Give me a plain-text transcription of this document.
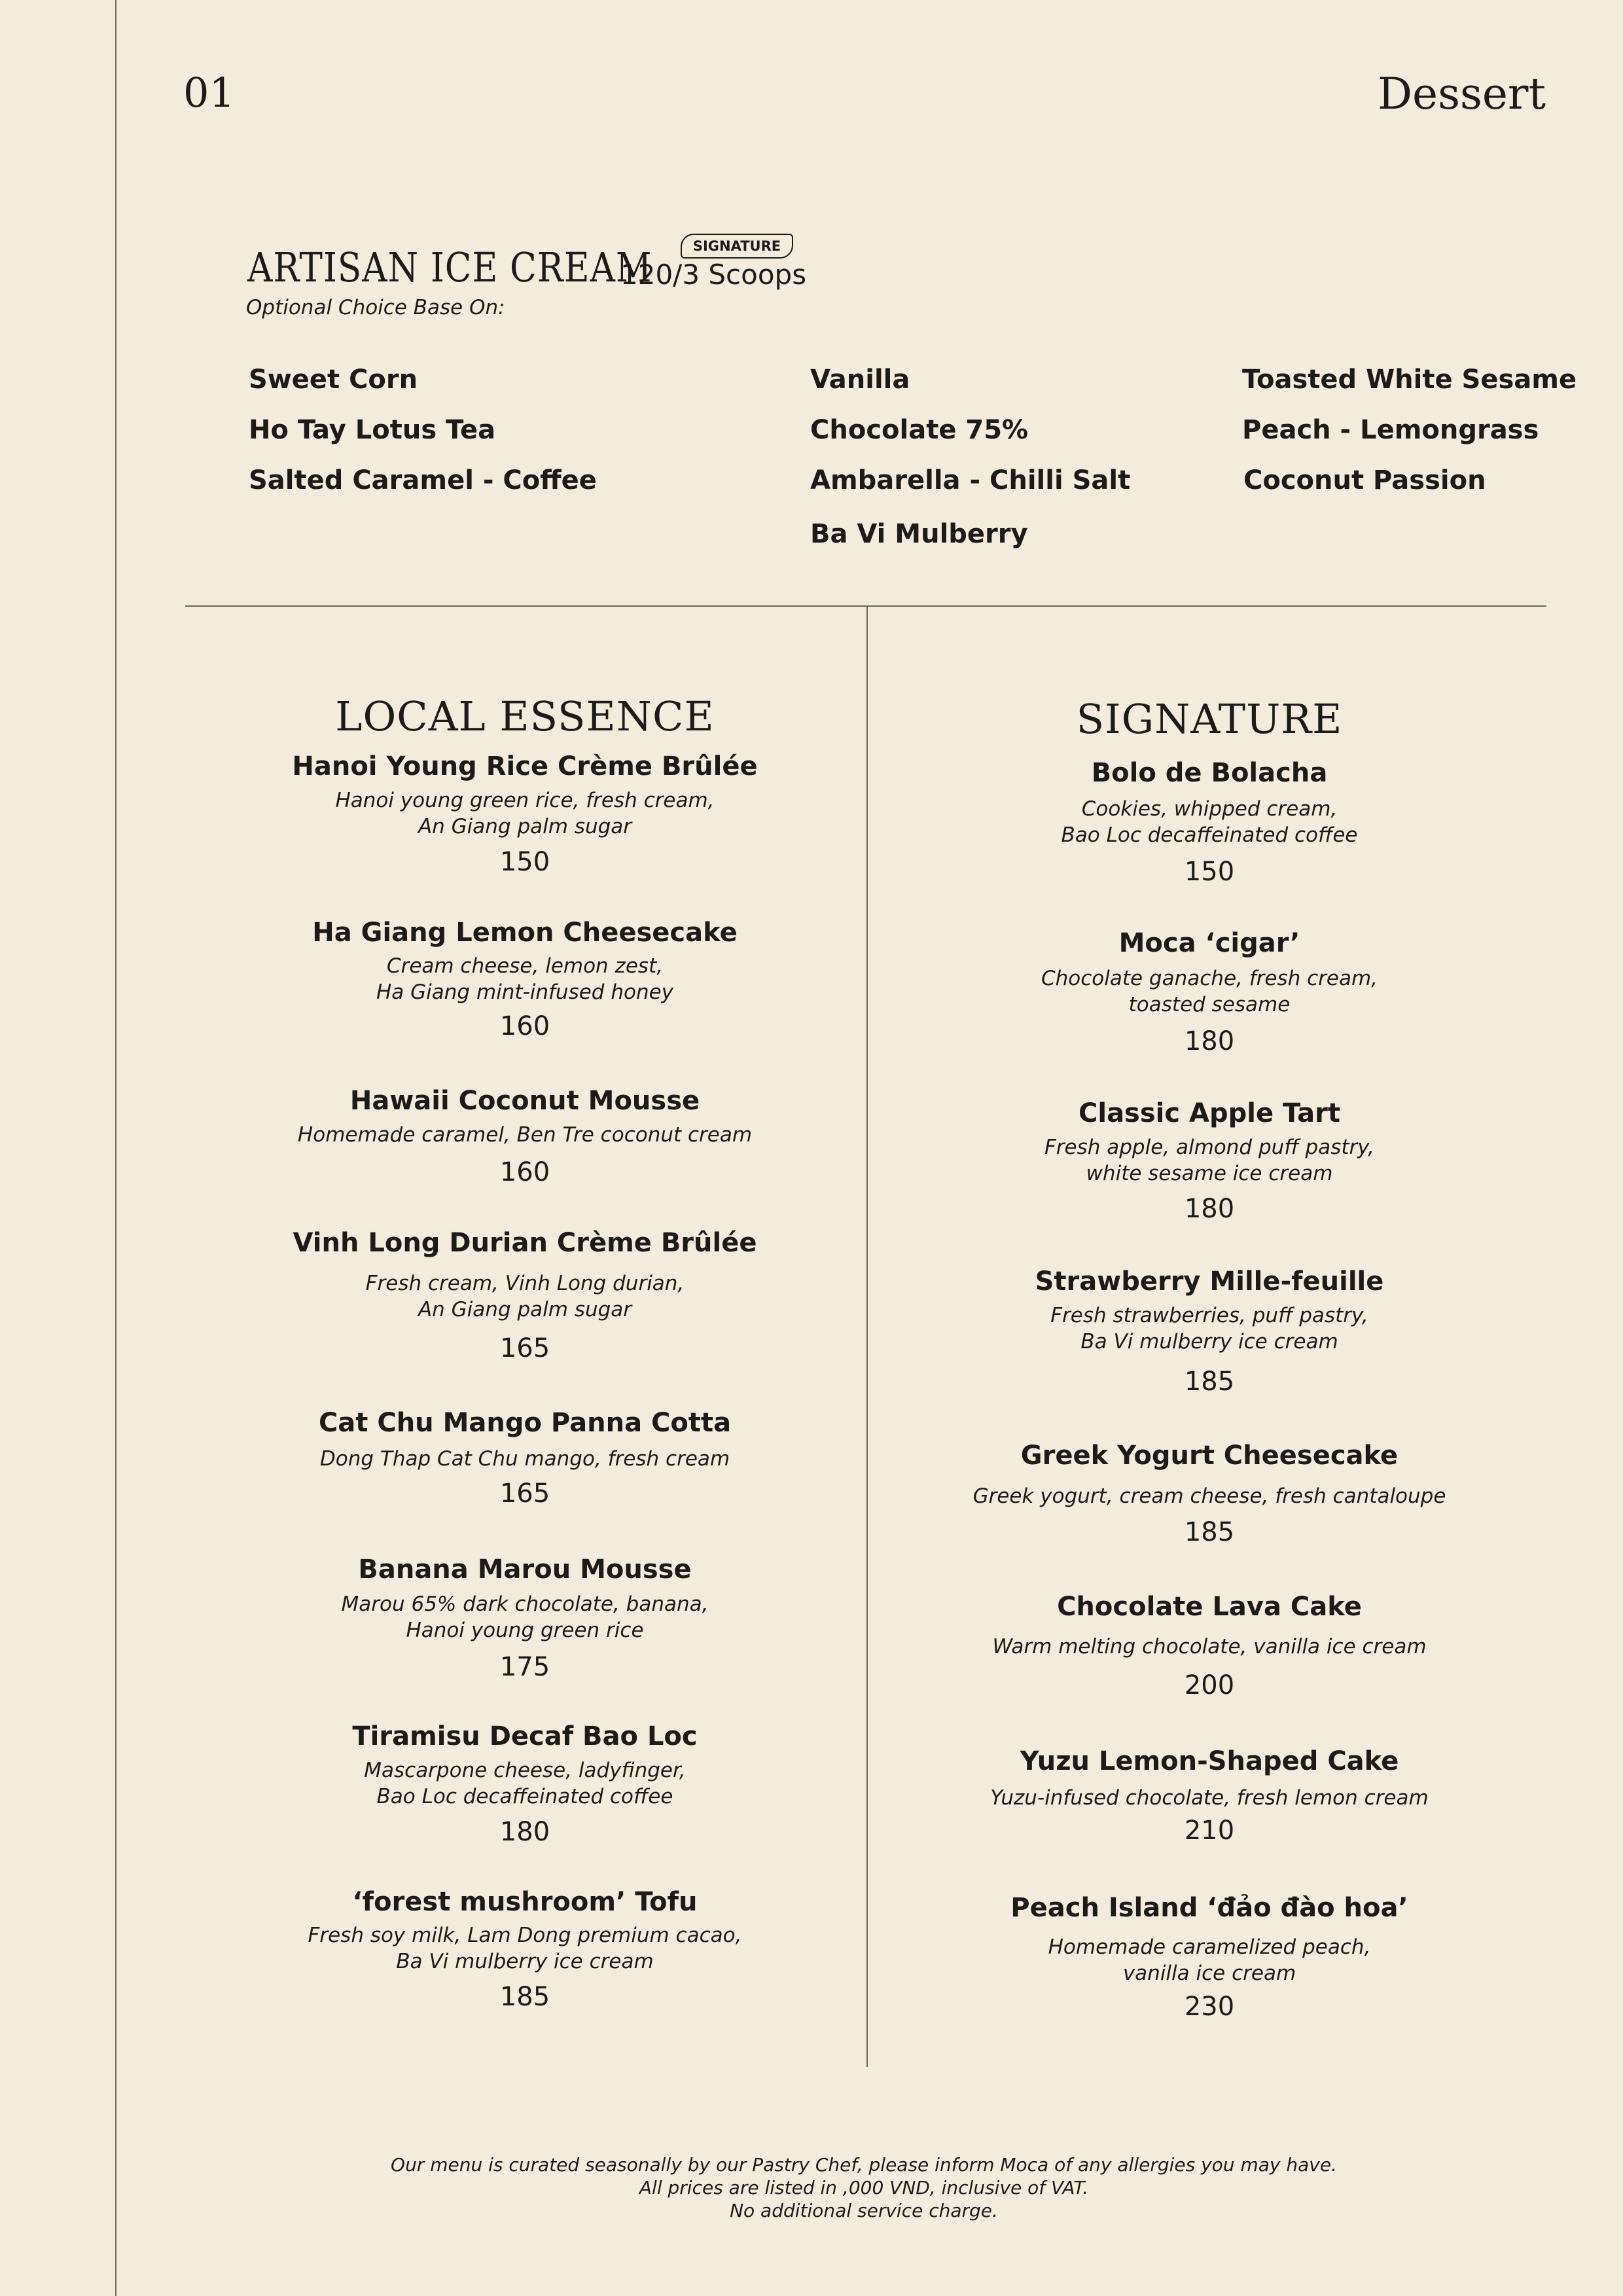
01	Dessert
ARTISAN ICE CREAM	SIGNATURE
120/3 Scoops
Optional Choice Base On:
Sweet Corn
Ho Tay Lotus Tea
Salted Caramel - Coffee
Vanilla
Chocolate 75%
Ambarella - Chilli Salt
Ba Vi Mulberry
Toasted White Sesame
Peach - Lemongrass
Coconut Passion
LOCAL ESSENCE
Hanoi Young Rice Crème Brûlée
Hanoi young green rice, fresh cream,
An Giang palm sugar
150
Ha Giang Lemon Cheesecake
Cream cheese, lemon zest,
Ha Giang mint-infused honey
160
Hawaii Coconut Mousse
Homemade caramel, Ben Tre coconut cream
160
Vinh Long Durian Crème Brûlée
Fresh cream, Vinh Long durian,
An Giang palm sugar
165
Cat Chu Mango Panna Cotta
Dong Thap Cat Chu mango, fresh cream
165
Banana Marou Mousse
Marou 65% dark chocolate, banana,
Hanoi young green rice
175
Tiramisu Decaf Bao Loc
Mascarpone cheese, ladyfinger,
Bao Loc decaffeinated coffee
180
‘forest mushroom’ Tofu
Fresh soy milk, Lam Dong premium cacao,
Ba Vi mulberry ice cream
185
SIGNATURE
Bolo de Bolacha
Cookies, whipped cream,
Bao Loc decaffeinated coffee
150
Moca ‘cigar’
Chocolate ganache, fresh cream,
toasted sesame
180
Classic Apple Tart
Fresh apple, almond puff pastry,
white sesame ice cream
180
Strawberry Mille-feuille
Fresh strawberries, puff pastry,
Ba Vi mulberry ice cream
185
Greek Yogurt Cheesecake
Greek yogurt, cream cheese, fresh cantaloupe
185
Chocolate Lava Cake
Warm melting chocolate, vanilla ice cream
200
Yuzu Lemon-Shaped Cake
Yuzu-infused chocolate, fresh lemon cream
210
Peach Island ‘đảo đào hoa’
Homemade caramelized peach,
vanilla ice cream
230
Our menu is curated seasonally by our Pastry Chef, please inform Moca of any allergies you may have.
All prices are listed in ,000 VND, inclusive of VAT.
No additional service charge.
